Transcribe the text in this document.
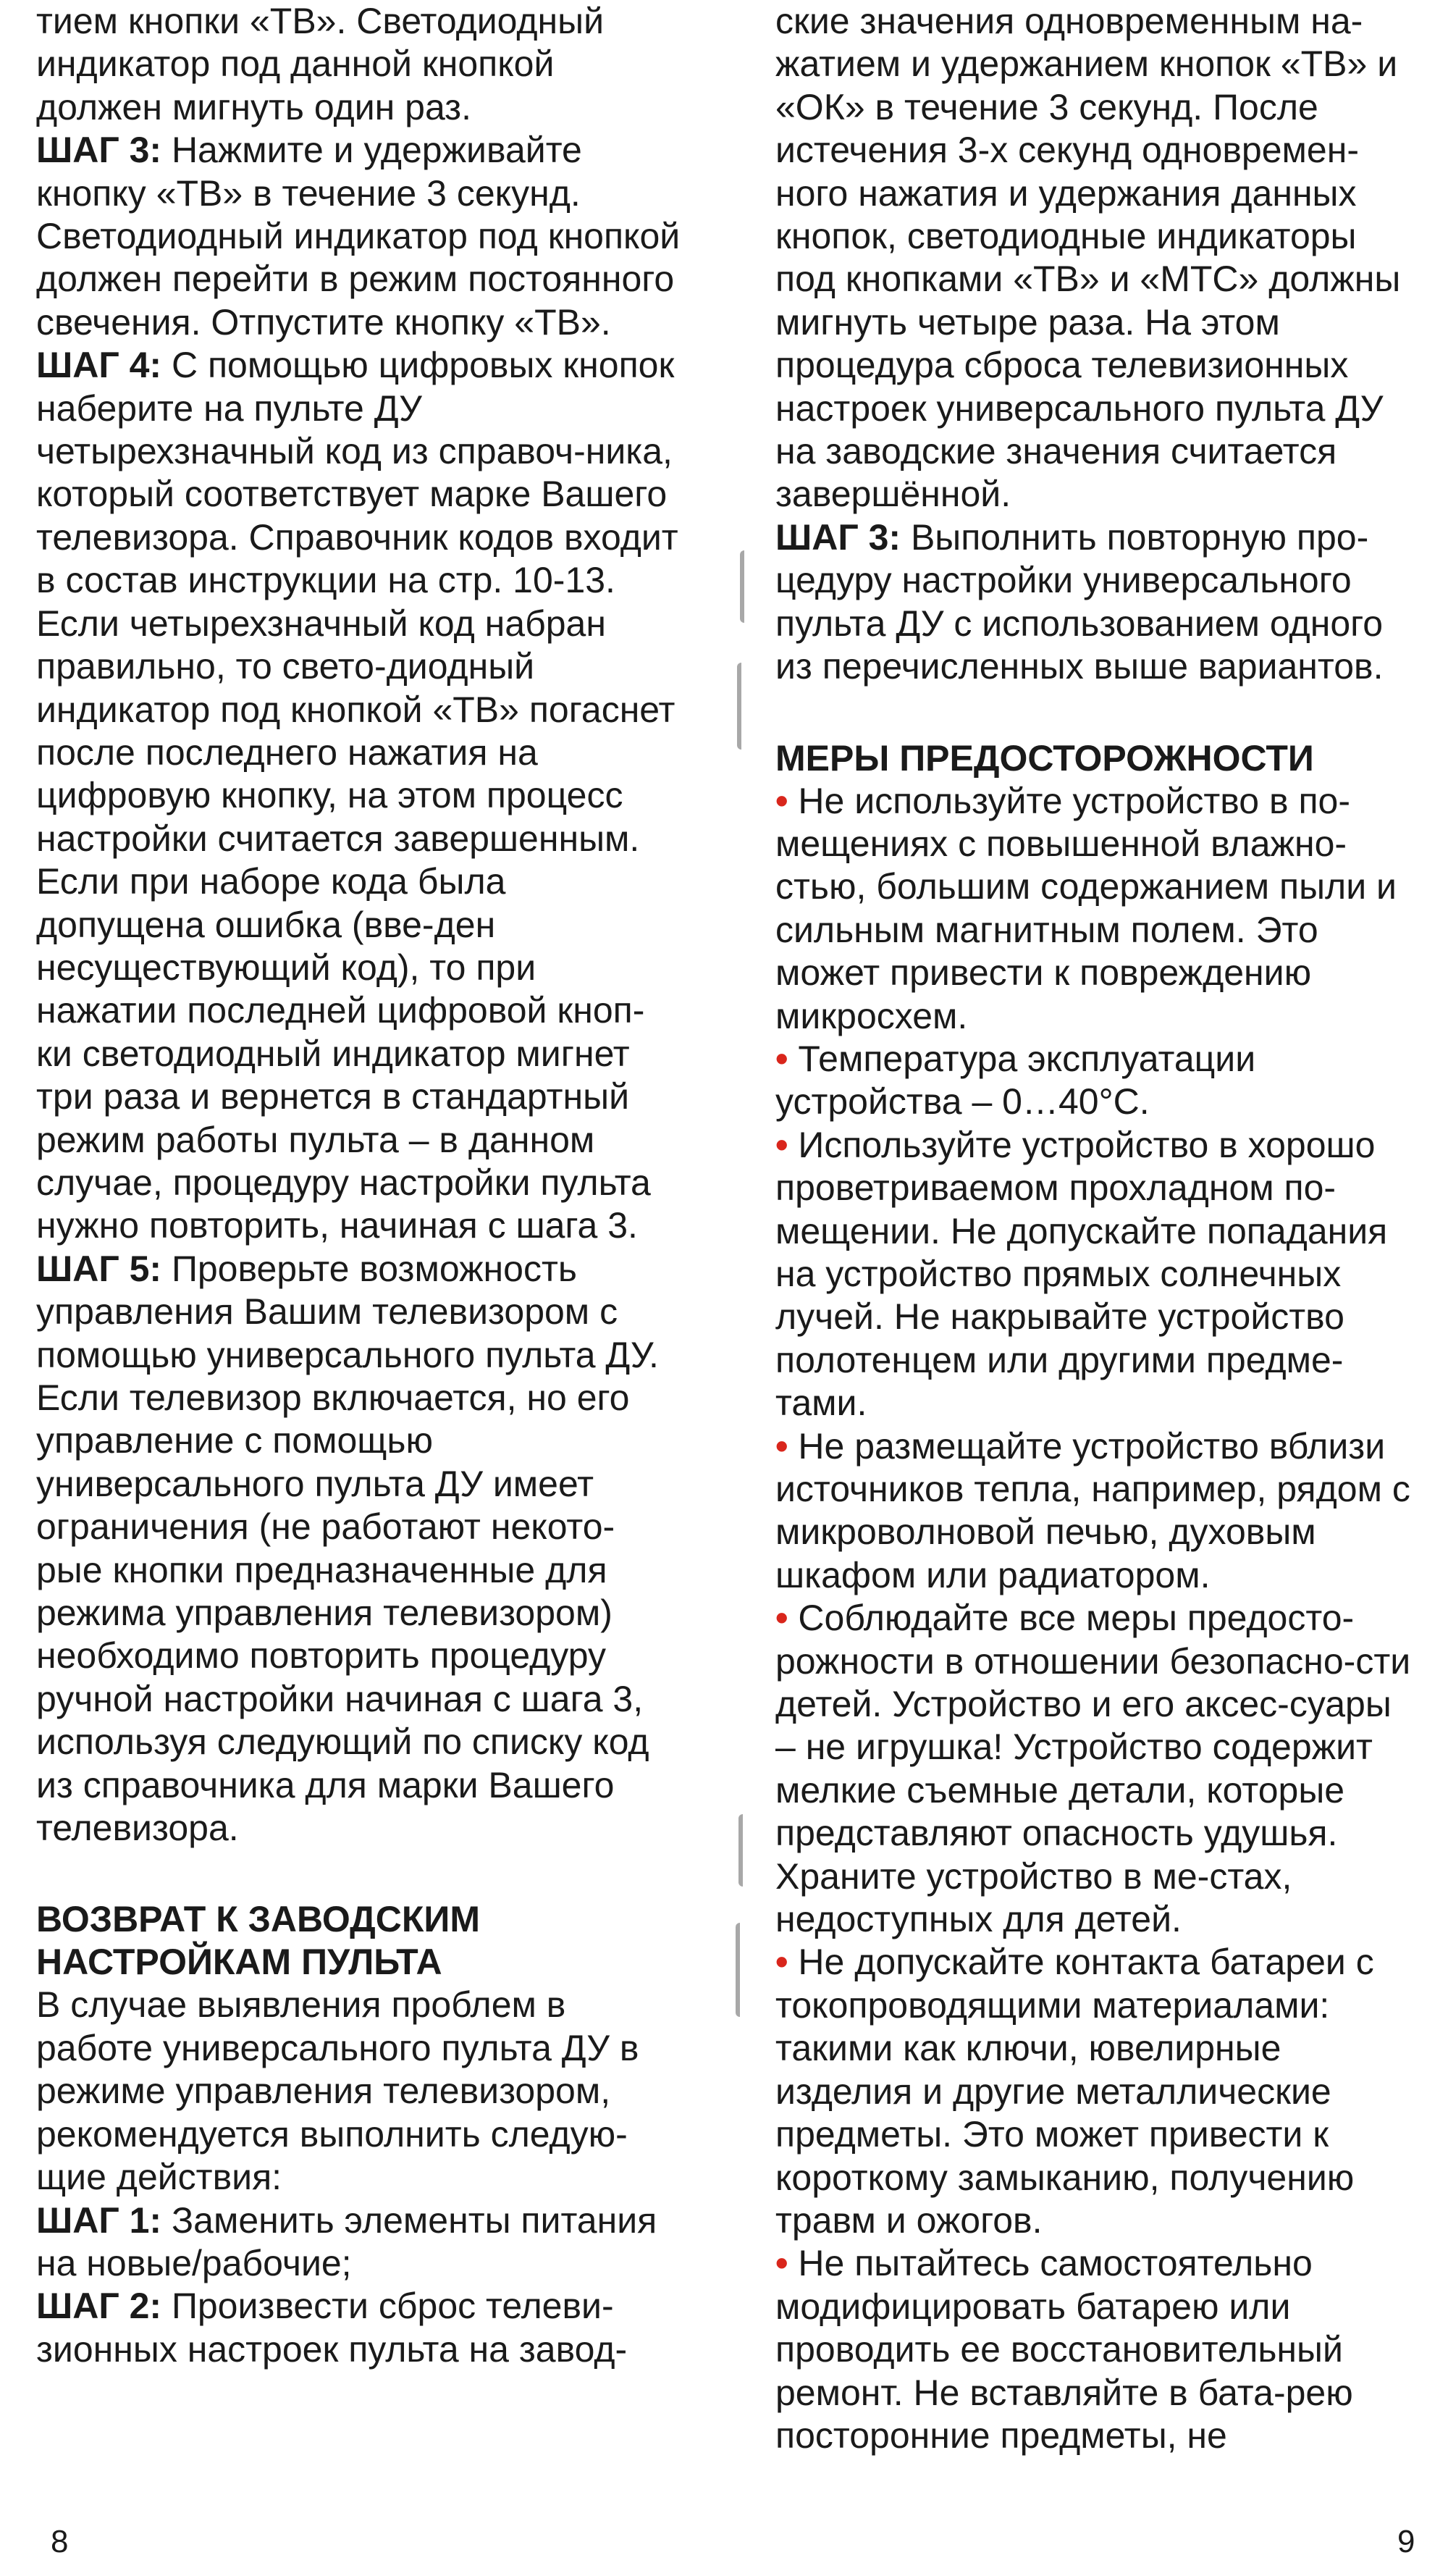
тием кнопки «ТВ». Светодиодный индикатор под данной кнопкой должен мигнуть один раз.

ШАГ 3: Нажмите и удерживайте кнопку «ТВ» в течение 3 секунд. Светодиодный индикатор под кнопкой должен перейти в режим постоянного свечения. Отпустите кнопку «ТВ».

ШАГ 4: С помощью цифровых кнопок наберите на пульте ДУ четырехзначный код из справоч-ника, который соответствует марке Вашего телевизора. Справочник кодов входит в состав инструкции на стр. 10-13. Если четырехзначный код набран правильно, то свето-диодный индикатор под кнопкой «ТВ» погаснет после последнего нажатия на цифровую кнопку, на этом процесс настройки считается завершенным. Если при наборе кода была допущена ошибка (вве-ден несуществующий код), то при нажатии последней цифровой кноп-ки светодиодный индикатор мигнет три раза и вернется в стандартный режим работы пульта – в данном случае, процедуру настройки пульта нужно повторить, начиная с шага 3.

ШАГ 5: Проверьте возможность управления Вашим телевизором с помощью универсального пульта ДУ. Если телевизор включается, но его управление с помощью универсального пульта ДУ имеет ограничения (не работают некото-рые кнопки предназначенные для режима управления телевизором) необходимо повторить процедуру ручной настройки начиная с шага 3, используя следующий по списку код из справочника для марки Вашего телевизора.

ВОЗВРАТ К ЗАВОДСКИМ НАСТРОЙКАМ ПУЛЬТА

В случае выявления проблем в работе универсального пульта ДУ в режиме управления телевизором, рекомендуется выполнить следую-щие действия:

ШАГ 1: Заменить элементы питания на новые/рабочие;

ШАГ 2: Произвести сброс телеви-зионных настроек пульта на завод-

ские значения одновременным на-жатием и удержанием кнопок «ТВ» и «ОК» в течение 3 секунд. После истечения 3-х секунд одновремен-ного нажатия и удержания данных кнопок, светодиодные индикаторы под кнопками «ТВ» и «МТС» должны мигнуть четыре раза. На этом процедура сброса телевизионных настроек универсального пульта ДУ на заводские значения считается завершённой.

ШАГ 3: Выполнить повторную про-цедуру настройки универсального пульта ДУ с использованием одного из перечисленных выше вариантов.

МЕРЫ ПРЕДОСТОРОЖНОСТИ

• Не используйте устройство в по-мещениях с повышенной влажно-стью, большим содержанием пыли и сильным магнитным полем. Это может привести к повреждению микросхем.

• Температура эксплуатации устройства – 0…40°C.

• Используйте устройство в хорошо проветриваемом прохладном по-мещении. Не допускайте попадания на устройство прямых солнечных лучей. Не накрывайте устройство полотенцем или другими предме-тами.

• Не размещайте устройство вблизи источников тепла, например, рядом с микроволновой печью, духовым шкафом или радиатором.

• Соблюдайте все меры предосто-рожности в отношении безопасно-сти детей. Устройство и его аксес-суары – не игрушка! Устройство содержит мелкие съемные детали, которые представляют опасность удушья. Храните устройство в ме-стах, недоступных для детей.

• Не допускайте контакта батареи с токопроводящими материалами: такими как ключи, ювелирные изделия и другие металлические предметы. Это может привести к короткому замыканию, получению травм и ожогов.

• Не пытайтесь самостоятельно модифицировать батарею или проводить ее восстановительный ремонт. Не вставляйте в бата-рею посторонние предметы, не

8	9
